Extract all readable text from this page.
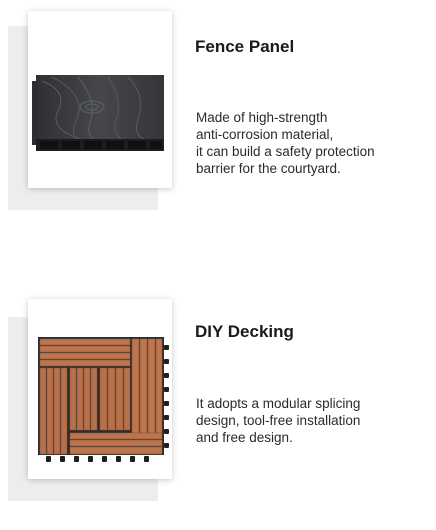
Fence Panel
Made of high-strength
anti-corrosion material,
it can build a safety protection
barrier for the courtyard.
DIY Decking
It adopts a modular splicing
design, tool-free installation
and free design.
